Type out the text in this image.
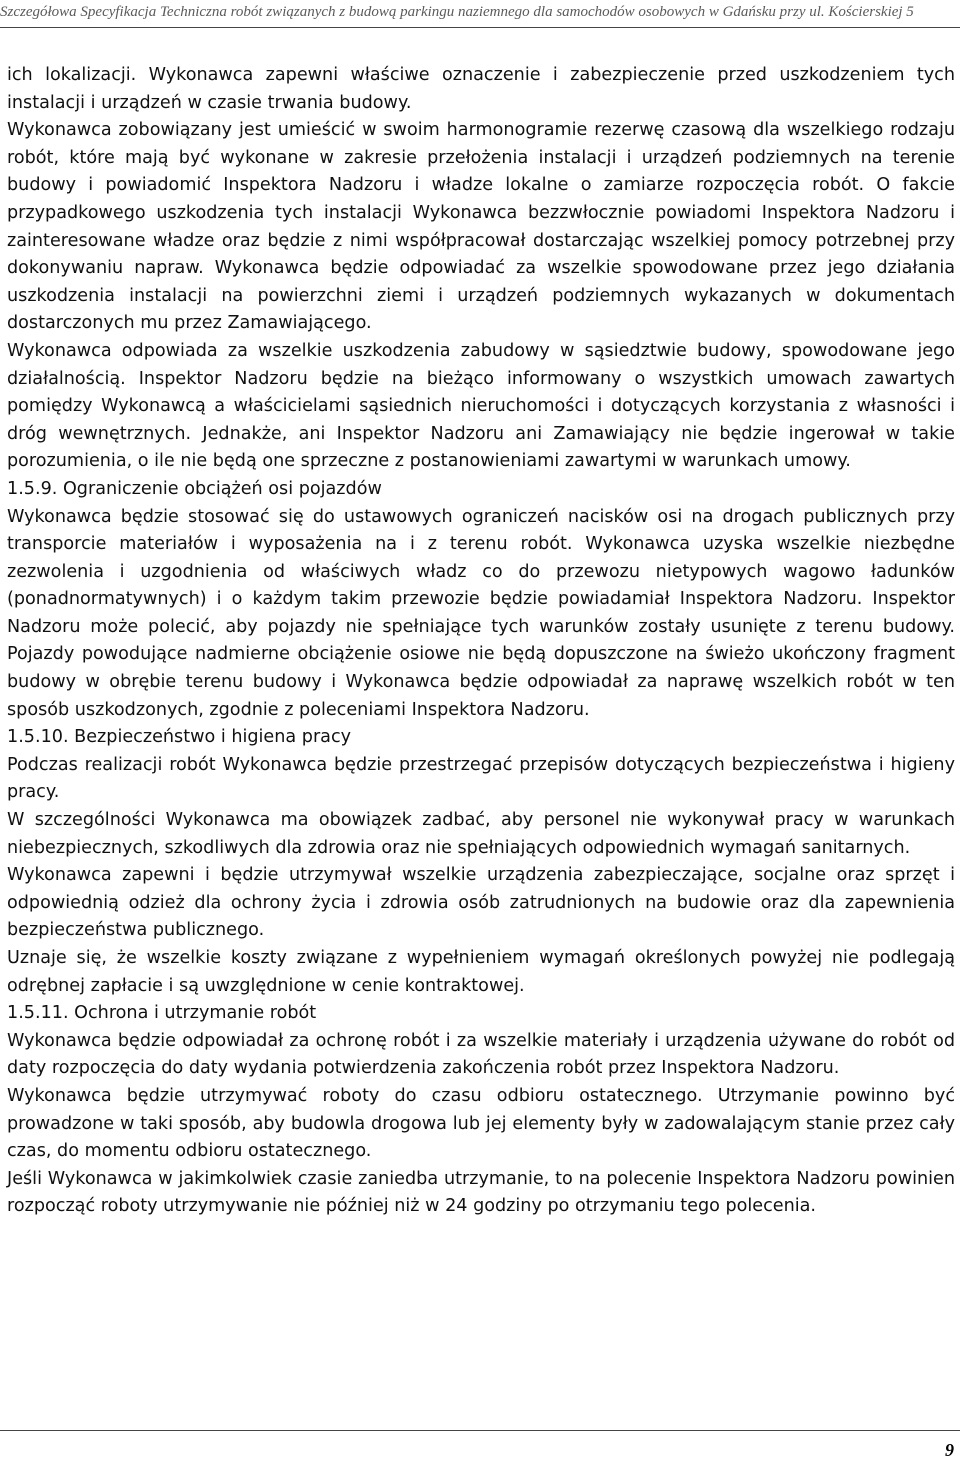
Szczegółowa Specyfikacja Techniczna robót związanych z budową parkingu naziemnego dla samochodów osobowych w Gdańsku przy ul. Kościerskiej 5

ich lokalizacji. Wykonawca zapewni właściwe oznaczenie i zabezpieczenie przed uszkodzeniem tych instalacji i urządzeń w czasie trwania budowy.

Wykonawca zobowiązany jest umieścić w swoim harmonogramie rezerwę czasową dla wszelkiego rodzaju robót, które mają być wykonane w zakresie przełożenia instalacji i urządzeń podziemnych na terenie budowy i powiadomić Inspektora Nadzoru i władze lokalne o zamiarze rozpoczęcia robót. O fakcie przypadkowego uszkodzenia tych instalacji Wykonawca bezzwłocznie powiadomi Inspektora Nadzoru i zainteresowane władze oraz będzie z nimi współpracował dostarczając wszelkiej pomocy potrzebnej przy dokonywaniu napraw. Wykonawca będzie odpowiadać za wszelkie spowodowane przez jego działania uszkodzenia instalacji na powierzchni ziemi i urządzeń podziemnych wykazanych w dokumentach dostarczonych mu przez Zamawiającego.

Wykonawca odpowiada za wszelkie uszkodzenia zabudowy w sąsiedztwie budowy, spowodowane jego działalnością. Inspektor Nadzoru będzie na bieżąco informowany o wszystkich umowach zawartych pomiędzy Wykonawcą a właścicielami sąsiednich nieruchomości i dotyczących korzystania z własności i dróg wewnętrznych. Jednakże, ani Inspektor Nadzoru ani Zamawiający nie będzie ingerował w takie porozumienia, o ile nie będą one sprzeczne z postanowieniami zawartymi w warunkach umowy.

1.5.9. Ograniczenie obciążeń osi pojazdów

Wykonawca będzie stosować się do ustawowych ograniczeń nacisków osi na drogach publicznych przy transporcie materiałów i wyposażenia na i z terenu robót. Wykonawca uzyska wszelkie niezbędne zezwolenia i uzgodnienia od właściwych władz co do przewozu nietypowych wagowo ładunków (ponadnormatywnych) i o każdym takim przewozie będzie powiadamiał Inspektora Nadzoru. Inspektor Nadzoru może polecić, aby pojazdy nie spełniające tych warunków zostały usunięte z terenu budowy. Pojazdy powodujące nadmierne obciążenie osiowe nie będą dopuszczone na świeżo ukończony fragment budowy w obrębie terenu budowy i Wykonawca będzie odpowiadał za naprawę wszelkich robót w ten sposób uszkodzonych, zgodnie z poleceniami Inspektora Nadzoru.

1.5.10. Bezpieczeństwo i higiena pracy

Podczas realizacji robót Wykonawca będzie przestrzegać przepisów dotyczących bezpieczeństwa i higieny pracy.

W szczególności Wykonawca ma obowiązek zadbać, aby personel nie wykonywał pracy w warunkach niebezpiecznych, szkodliwych dla zdrowia oraz nie spełniających odpowiednich wymagań sanitarnych.

Wykonawca zapewni i będzie utrzymywał wszelkie urządzenia zabezpieczające, socjalne oraz sprzęt i odpowiednią odzież dla ochrony życia i zdrowia osób zatrudnionych na budowie oraz dla zapewnienia bezpieczeństwa publicznego.

Uznaje się, że wszelkie koszty związane z wypełnieniem wymagań określonych powyżej nie podlegają odrębnej zapłacie i są uwzględnione w cenie kontraktowej.

1.5.11. Ochrona i utrzymanie robót

Wykonawca będzie odpowiadał za ochronę robót i za wszelkie materiały i urządzenia używane do robót od daty rozpoczęcia do daty wydania potwierdzenia zakończenia robót przez Inspektora Nadzoru.

Wykonawca będzie utrzymywać roboty do czasu odbioru ostatecznego. Utrzymanie powinno być prowadzone w taki sposób, aby budowla drogowa lub jej elementy były w zadowalającym stanie przez cały czas, do momentu odbioru ostatecznego.

Jeśli Wykonawca w jakimkolwiek czasie zaniedba utrzymanie, to na polecenie Inspektora Nadzoru powinien rozpocząć roboty utrzymywanie nie później niż w 24 godziny po otrzymaniu tego polecenia.

9
